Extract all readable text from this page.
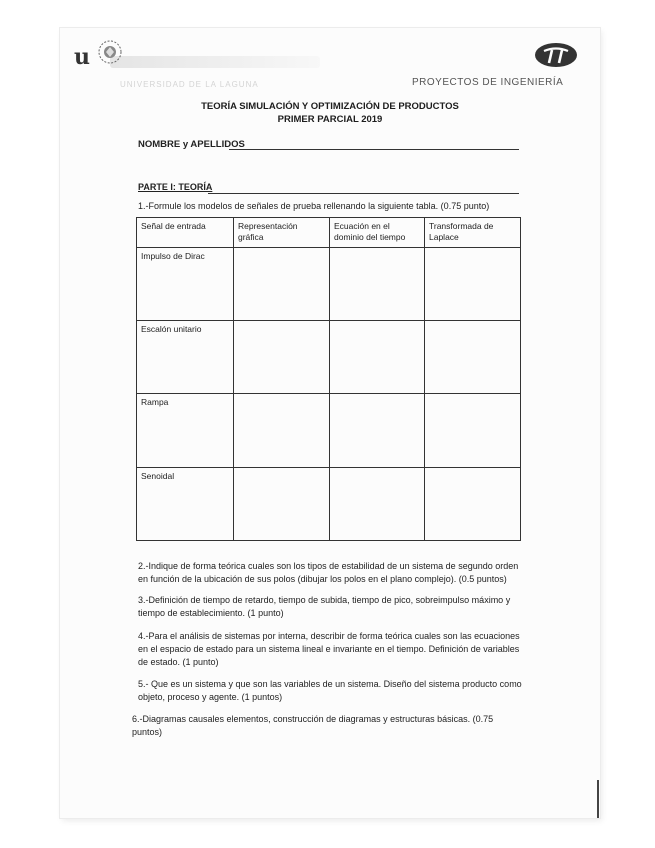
u
UNIVERSIDAD DE LA LAGUNA	PROYECTOS DE INGENIERÍA
TEORÍA SIMULACIÓN Y OPTIMIZACIÓN DE PRODUCTOS
PRIMER PARCIAL 2019
NOMBRE y APELLIDOS
PARTE I: TEORÍA
1.-Formule los modelos de señales de prueba rellenando la siguiente tabla. (0.75 punto)
Señal de entrada	Representación gráfica	Ecuación en el dominio del tiempo	Transformada de Laplace
Impulso de Dirac			
Escalón unitario			
Rampa			
Senoidal			
2.-Indique de forma teórica cuales son los tipos de estabilidad de un sistema de segundo orden en función de la ubicación de sus polos (dibujar los polos en el plano complejo). (0.5 puntos)
3.-Definición de tiempo de retardo, tiempo de subida, tiempo de pico, sobreimpulso máximo y tiempo de establecimiento. (1 punto)
4.-Para el análisis de sistemas por interna, describir de forma teórica cuales son las ecuaciones en el espacio de estado para un sistema lineal e invariante en el tiempo. Definición de variables de estado. (1 punto)
5.- Que es un sistema y que son las variables de un sistema. Diseño del sistema producto como objeto, proceso y agente. (1 puntos)
6.-Diagramas causales elementos, construcción de diagramas y estructuras básicas. (0.75 puntos)
